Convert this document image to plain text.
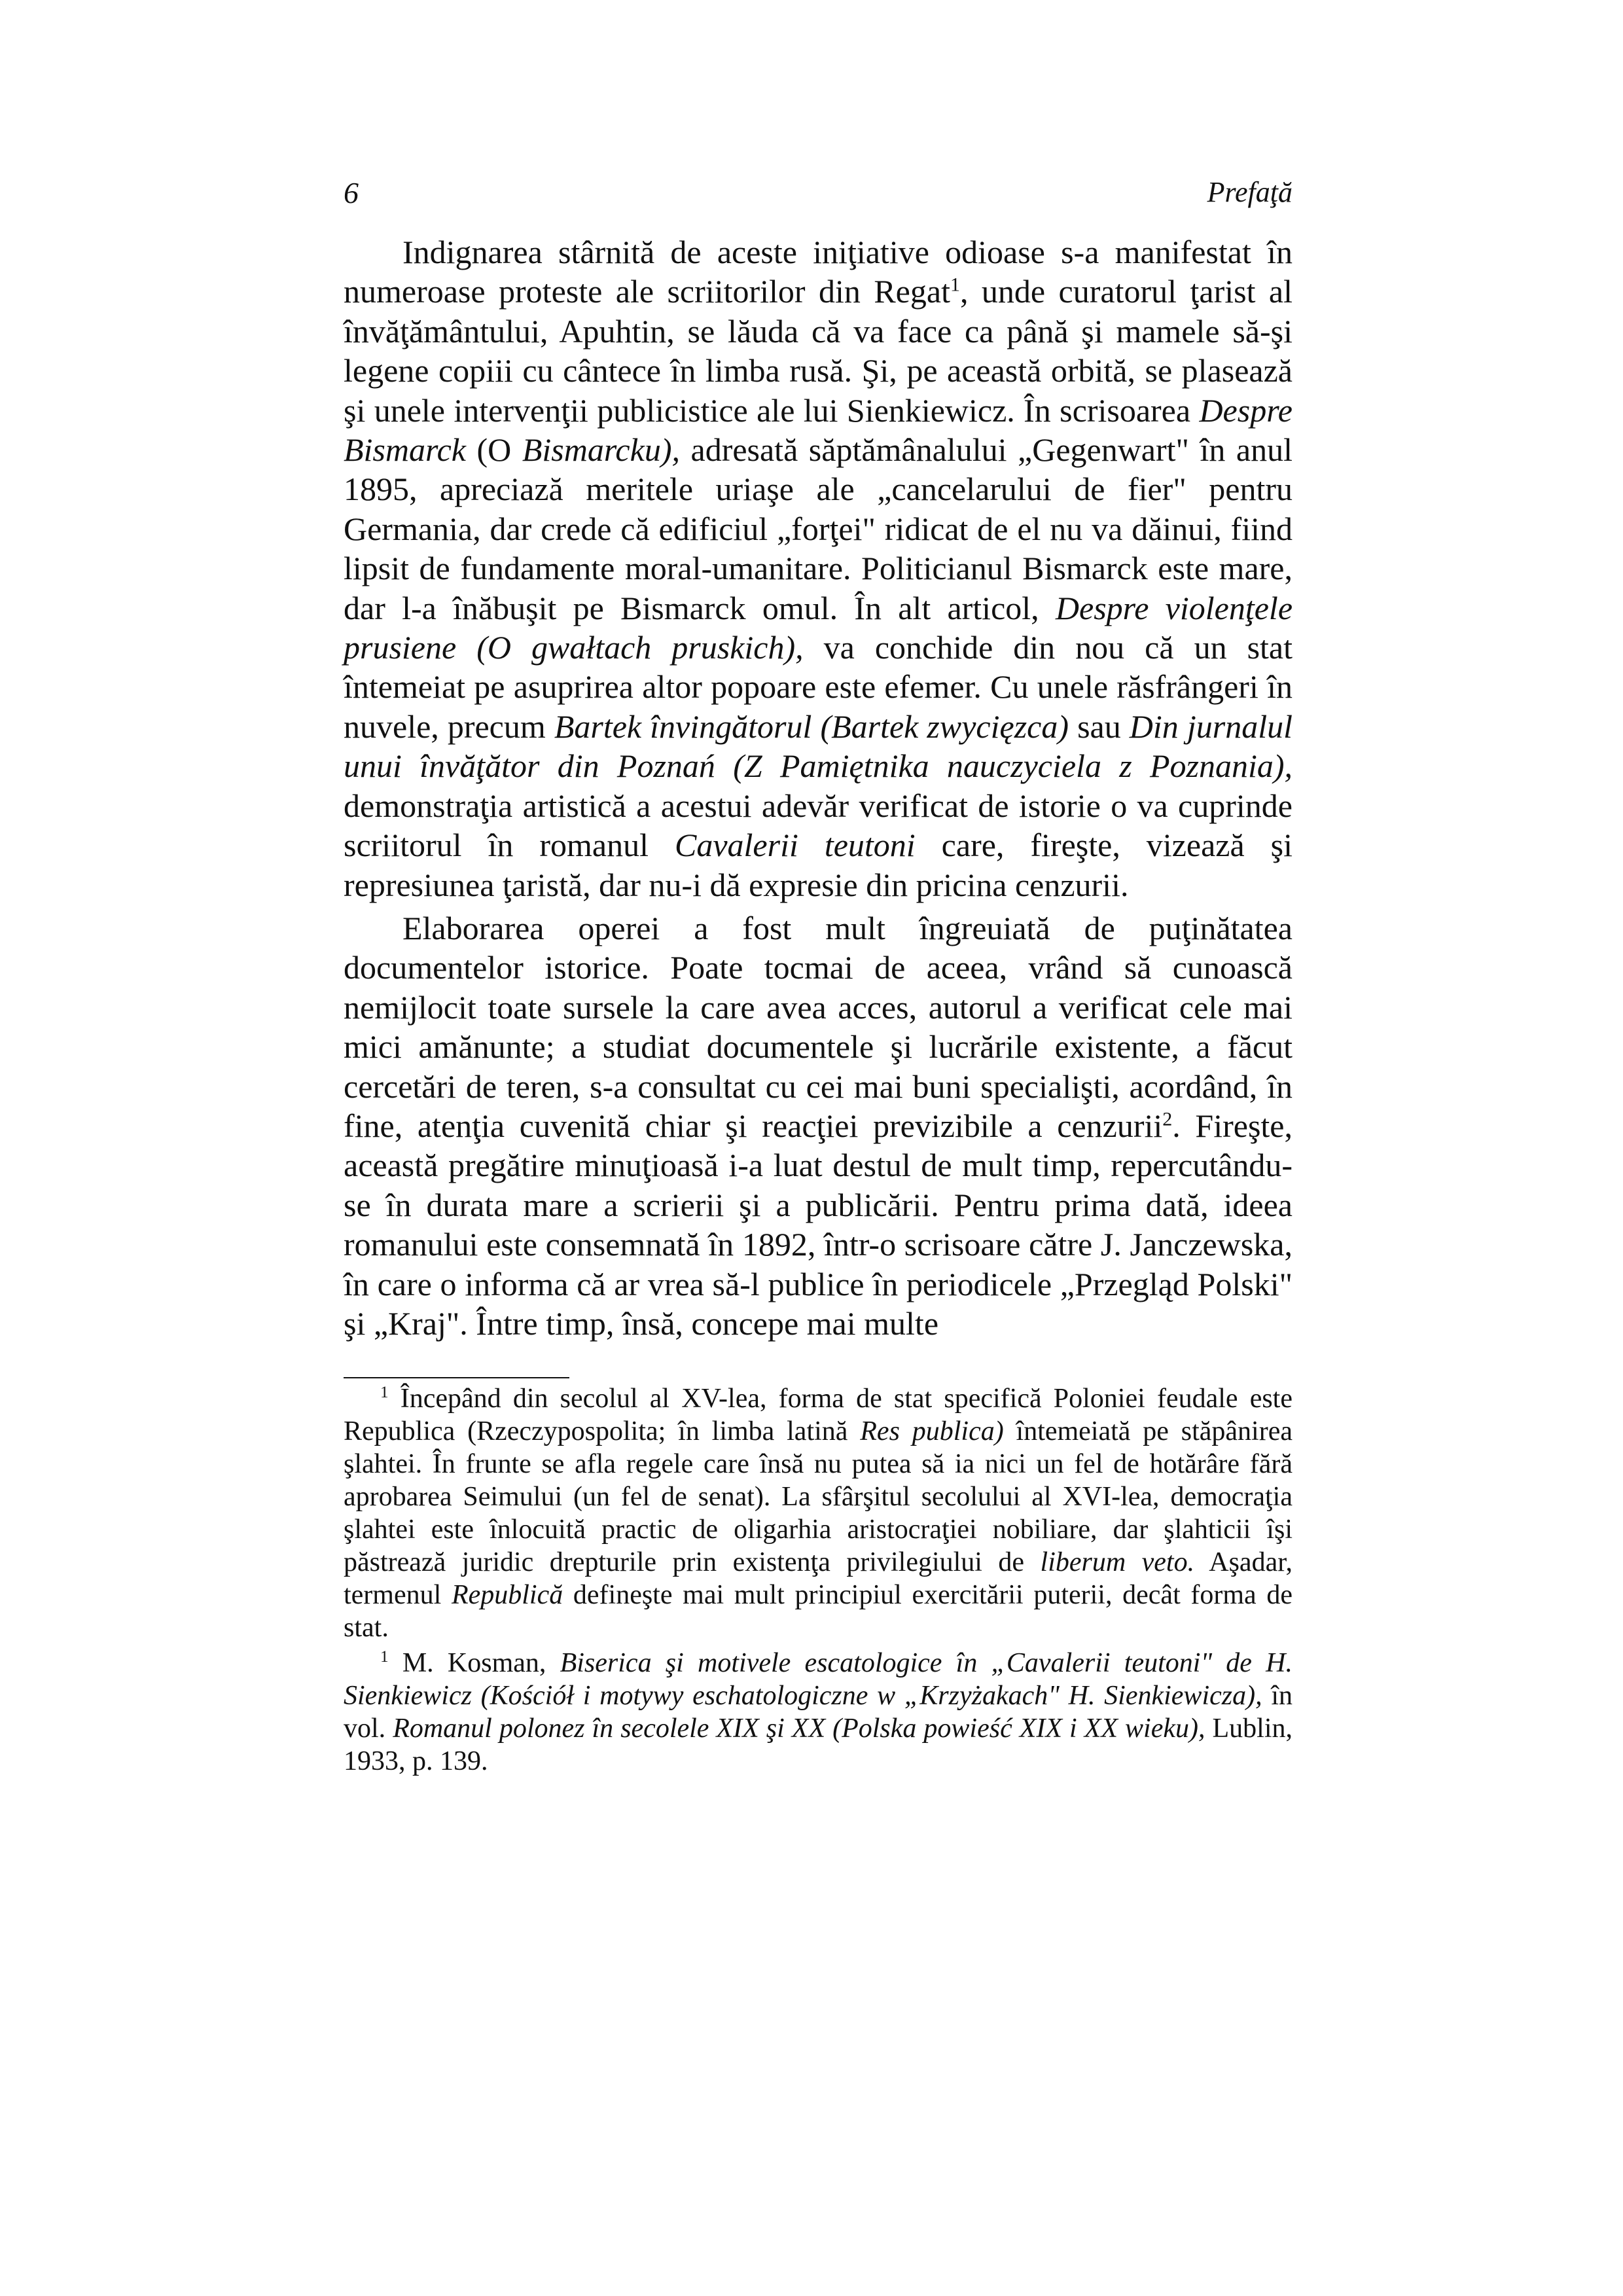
6	Prefaţă

Indignarea stârnită de aceste iniţiative odioase s-a manifestat în numeroase proteste ale scriitorilor din Regat$^1$, unde curatorul ţarist al învăţământului, Apuhtin, se lăuda că va face ca până şi mamele să-şi legene copiii cu cântece în limba rusă. Şi, pe această orbită, se plasează şi unele intervenţii publicistice ale lui Sienkiewicz. În scrisoarea Despre Bismarck (O Bismarcku), adresată săptămânalului „Gegenwart" în anul 1895, apreciază meritele uriaşe ale „cancelarului de fier" pentru Germania, dar crede că edificiul „forţei" ridicat de el nu va dăinui, fiind lipsit de fundamente moral-umanitare. Politicianul Bismarck este mare, dar l-a înăbuşit pe Bismarck omul. În alt articol, Despre violenţele prusiene (O gwałtach pruskich), va conchide din nou că un stat întemeiat pe asuprirea altor popoare este efemer. Cu unele răsfrângeri în nuvele, precum Bartek învingătorul (Bartek zwycięzca) sau Din jurnalul unui învăţător din Poznań (Z Pamiętnika nauczyciela z Poznania), demonstraţia artistică a acestui adevăr verificat de istorie o va cuprinde scriitorul în romanul Cavalerii teutoni care, fireşte, vizează şi represiunea ţaristă, dar nu-i dă expresie din pricina cenzurii.

Elaborarea operei a fost mult îngreuiată de puţinătatea documentelor istorice. Poate tocmai de aceea, vrând să cunoască nemijlocit toate sursele la care avea acces, autorul a verificat cele mai mici amănunte; a studiat documentele şi lucrările existente, a făcut cercetări de teren, s-a consultat cu cei mai buni specialişti, acordând, în fine, atenţia cuvenită chiar şi reacţiei previzibile a cenzurii$^2$. Fireşte, această pregătire minuţioasă i-a luat destul de mult timp, repercutându-se în durata mare a scrierii şi a publicării. Pentru prima dată, ideea romanului este consemnată în 1892, într-o scrisoare către J. Janczewska, în care o informa că ar vrea să-l publice în periodicele „Przegląd Polski" şi „Kraj". Între timp, însă, concepe mai multe

$^1$ Începând din secolul al XV-lea, forma de stat specifică Poloniei feudale este Republica (Rzeczypospolita; în limba latină Res publica) întemeiată pe stăpânirea şlahtei. În frunte se afla regele care însă nu putea să ia nici un fel de hotărâre fără aprobarea Seimului (un fel de senat). La sfârşitul secolului al XVI-lea, democraţia şlahtei este înlocuită practic de oligarhia aristocraţiei nobiliare, dar şlahticii îşi păstrează juridic drepturile prin existenţa privilegiului de liberum veto. Aşadar, termenul Republică defineşte mai mult principiul exercitării puterii, decât forma de stat.

$^1$ M. Kosman, Biserica şi motivele escatologice în „Cavalerii teutoni" de H. Sienkiewicz (Kościół i motywy eschatologiczne w „Krzyżakach" H. Sienkiewicza), în vol. Romanul polonez în secolele XIX şi XX (Polska powieść XIX i XX wieku), Lublin, 1933, p. 139.
